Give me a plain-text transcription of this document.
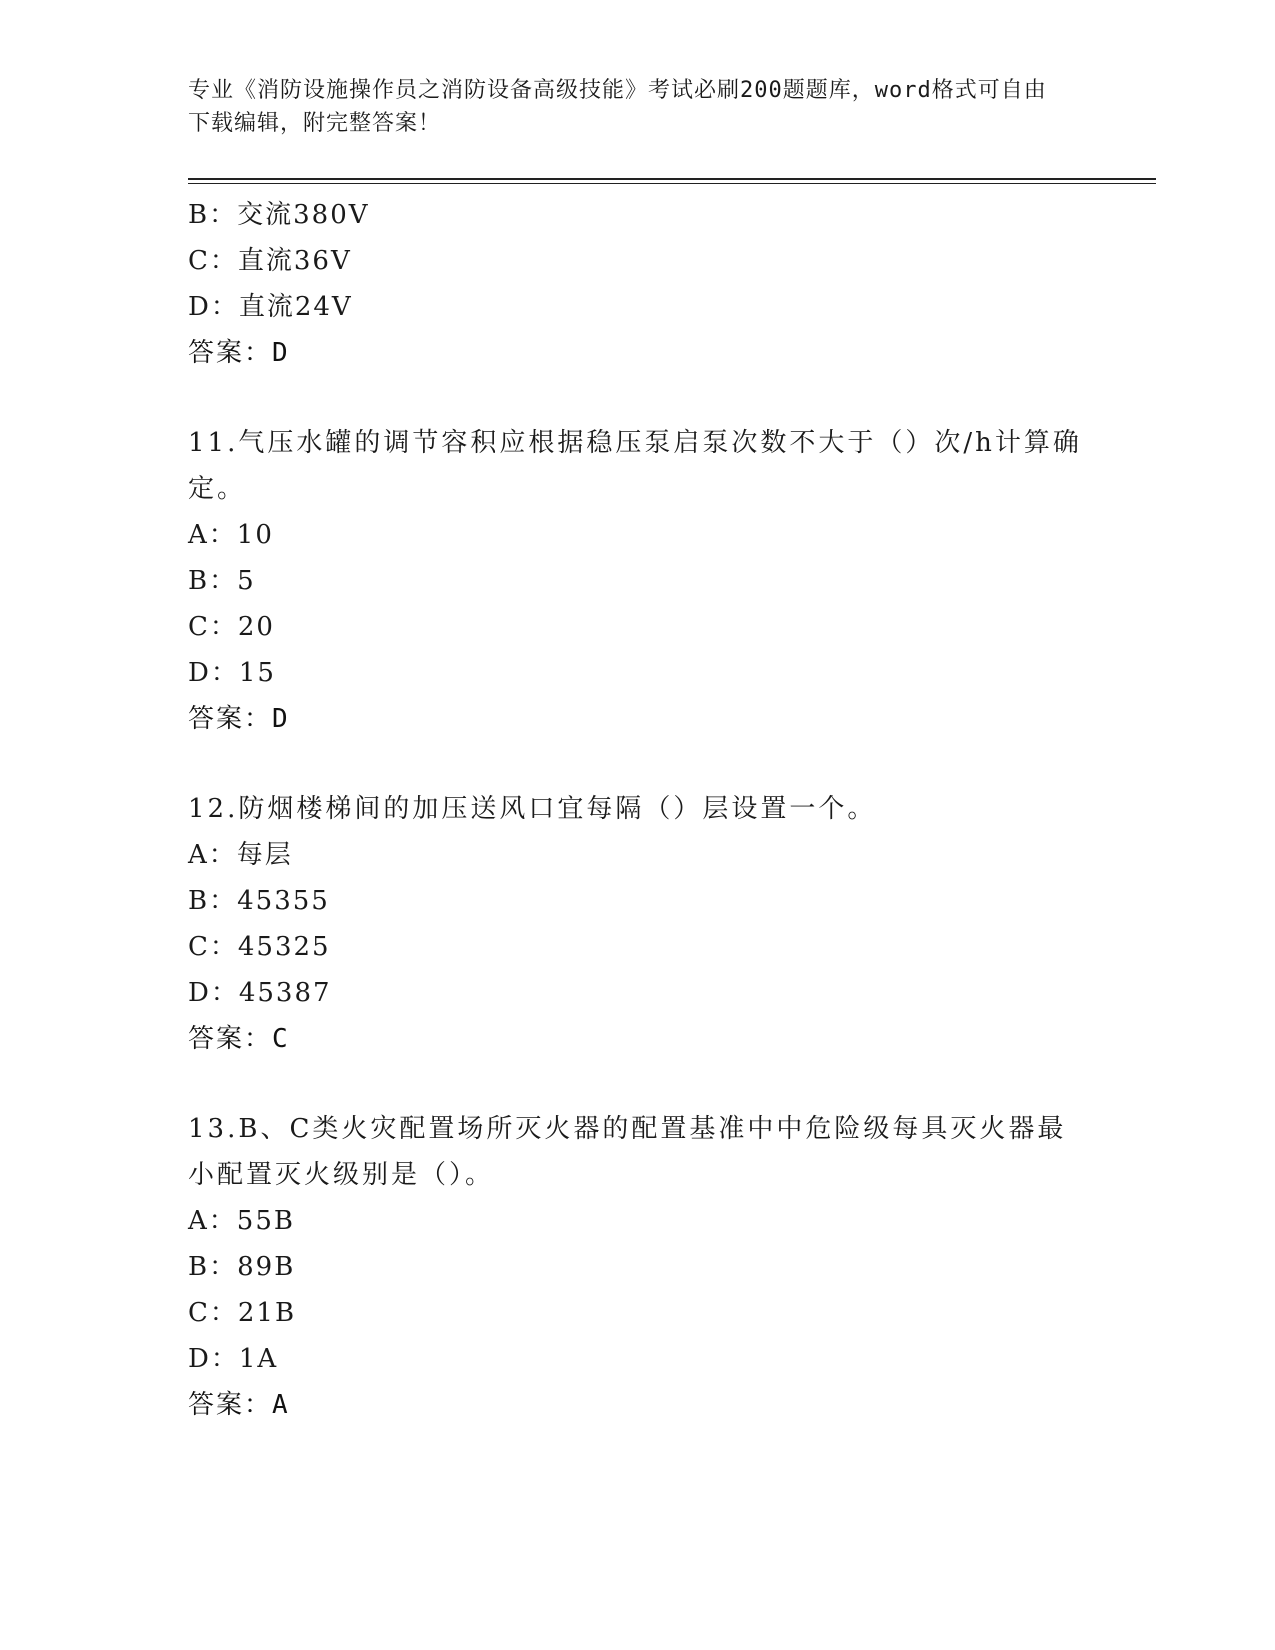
专业《消防设施操作员之消防设备高级技能》考试必刷200题题库，word格式可自由下载编辑，附完整答案！
B：交流380V
C：直流36V
D：直流24V
答案：D
11.气压水罐的调节容积应根据稳压泵启泵次数不大于（）次/h计算确定。
A：10
B：5
C：20
D：15
答案：D
12.防烟楼梯间的加压送风口宜每隔（）层设置一个。
A：每层
B：45355
C：45325
D：45387
答案：C
13.B、C类火灾配置场所灭火器的配置基准中中危险级每具灭火器最小配置灭火级别是（）。
A：55B
B：89B
C：21B
D：1A
答案：A
